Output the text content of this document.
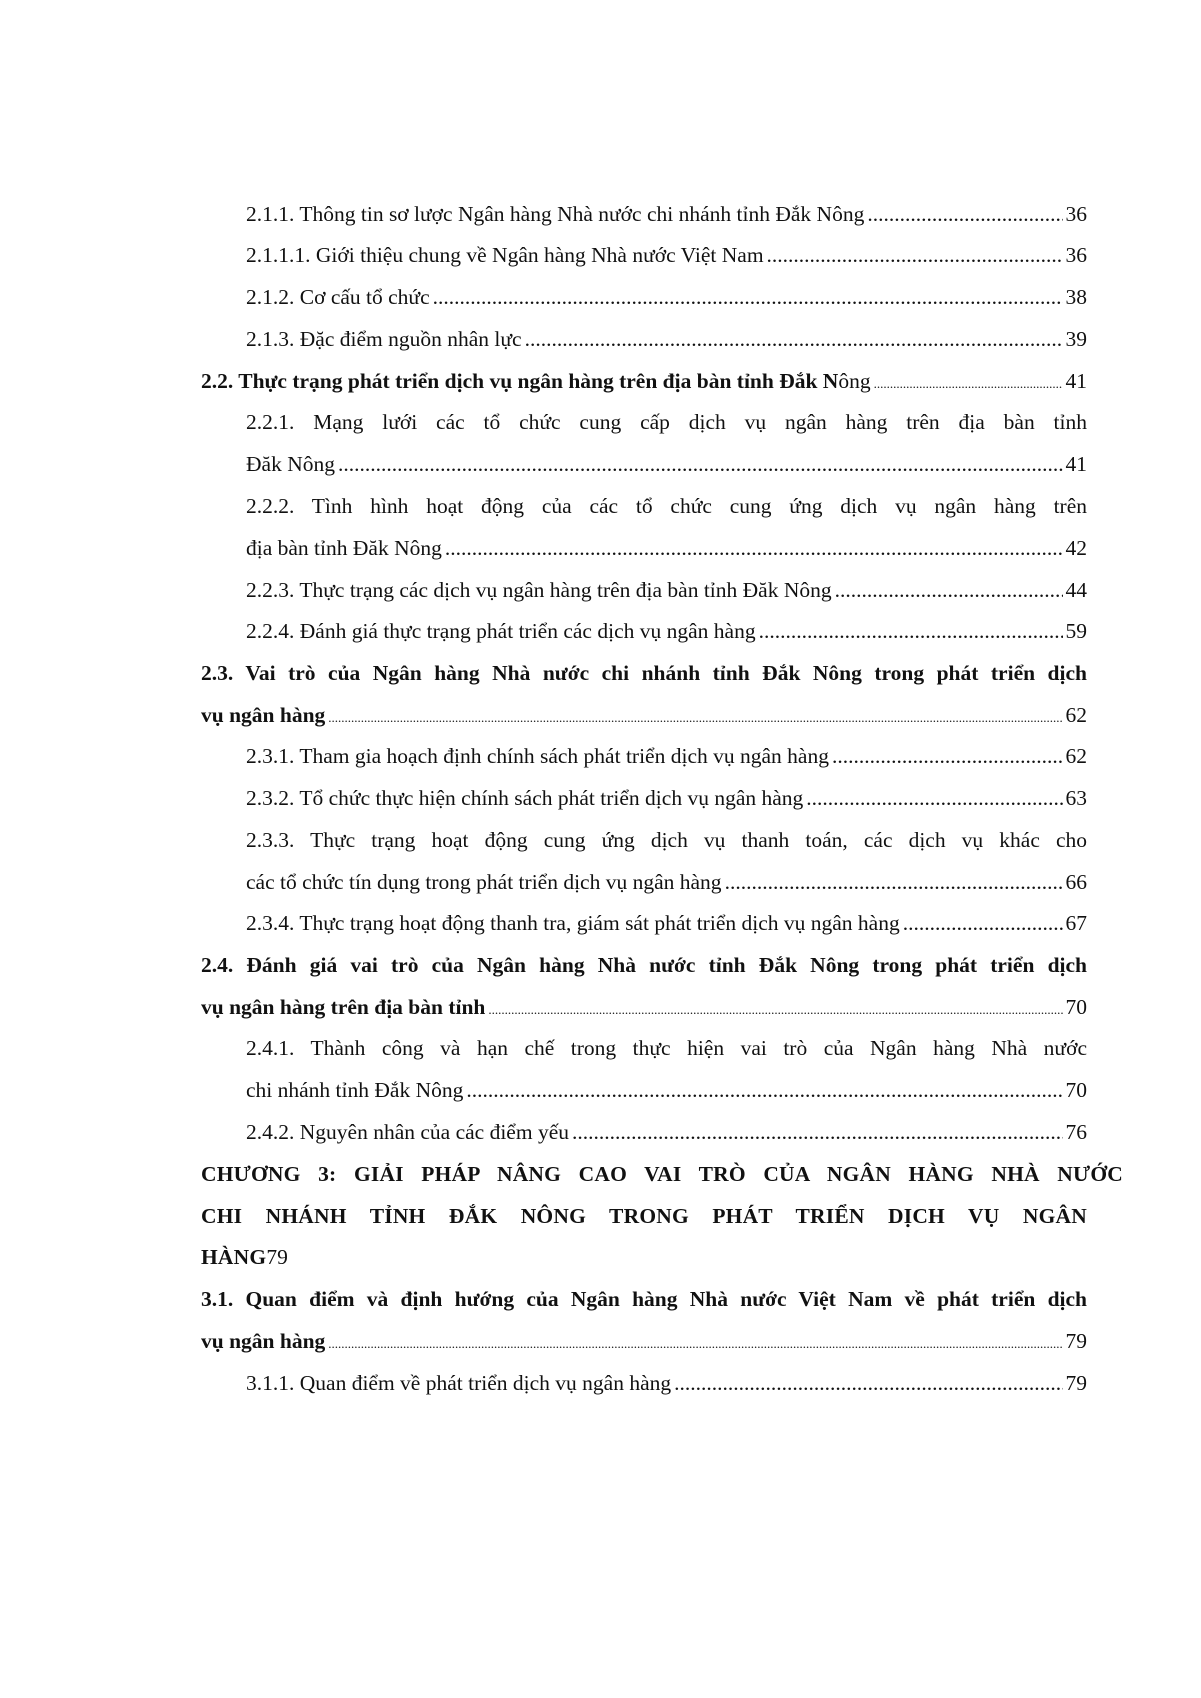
2.1.1. Thông tin sơ lược Ngân hàng Nhà nước chi nhánh tỉnh Đắk Nông .....	36
2.1.1.1. Giới thiệu chung về Ngân hàng Nhà nước Việt Nam .....	36
2.1.2. Cơ cấu tổ chức .....	38
2.1.3. Đặc điểm nguồn nhân lực .....	39
2.2. Thực trạng phát triển dịch vụ ngân hàng trên địa bàn tỉnh Đắk N ông .....	41
2.2.1. Mạng lưới các tổ chức cung cấp dịch vụ ngân hàng trên địa bàn tỉnh
Đăk Nông .....	41
2.2.2. Tình hình hoạt động của các tổ chức cung ứng dịch vụ ngân hàng trên
địa bàn tỉnh Đăk Nông .....	42
2.2.3. Thực trạng các dịch vụ ngân hàng trên địa bàn tỉnh Đăk Nông .....	44
2.2.4. Đánh giá thực trạng phát triển các dịch vụ ngân hàng .....	59
2.3. Vai trò của Ngân hàng Nhà nước chi nhánh tỉnh Đắk Nông trong phát triển dịch
vụ ngân hàng .....	62
2.3.1. Tham gia hoạch định chính sách phát triển dịch vụ ngân hàng .....	62
2.3.2. Tổ chức thực hiện chính sách phát triển dịch vụ ngân hàng .....	63
2.3.3. Thực trạng hoạt động cung ứng dịch vụ thanh toán, các dịch vụ khác cho
các tổ chức tín dụng trong phát triển dịch vụ ngân hàng .....	66
2.3.4. Thực trạng hoạt động thanh tra, giám sát phát triển dịch vụ ngân hàng .....	67
2.4. Đánh giá vai trò của Ngân hàng Nhà nước tỉnh Đắk Nông trong phát triển dịch
vụ ngân hàng trên địa bàn tỉnh .....	70
2.4.1. Thành công và hạn chế trong thực hiện vai trò của Ngân hàng Nhà nước
chi nhánh tỉnh Đắk Nông .....	70
2.4.2. Nguyên nhân của các điểm yếu .....	76
CHƯƠNG 3: GIẢI PHÁP NÂNG CAO VAI TRÒ CỦA NGÂN HÀNG NHÀ NƯỚC
CHI NHÁNH TỈNH ĐẮK NÔNG TRONG PHÁT TRIỂN DỊCH VỤ NGÂN
HÀNG79
3.1. Quan điểm và định hướng của Ngân hàng Nhà nước Việt Nam về phát triển dịch
vụ ngân hàng .....	79
3.1.1. Quan điểm về phát triển dịch vụ ngân hàng .....	79
